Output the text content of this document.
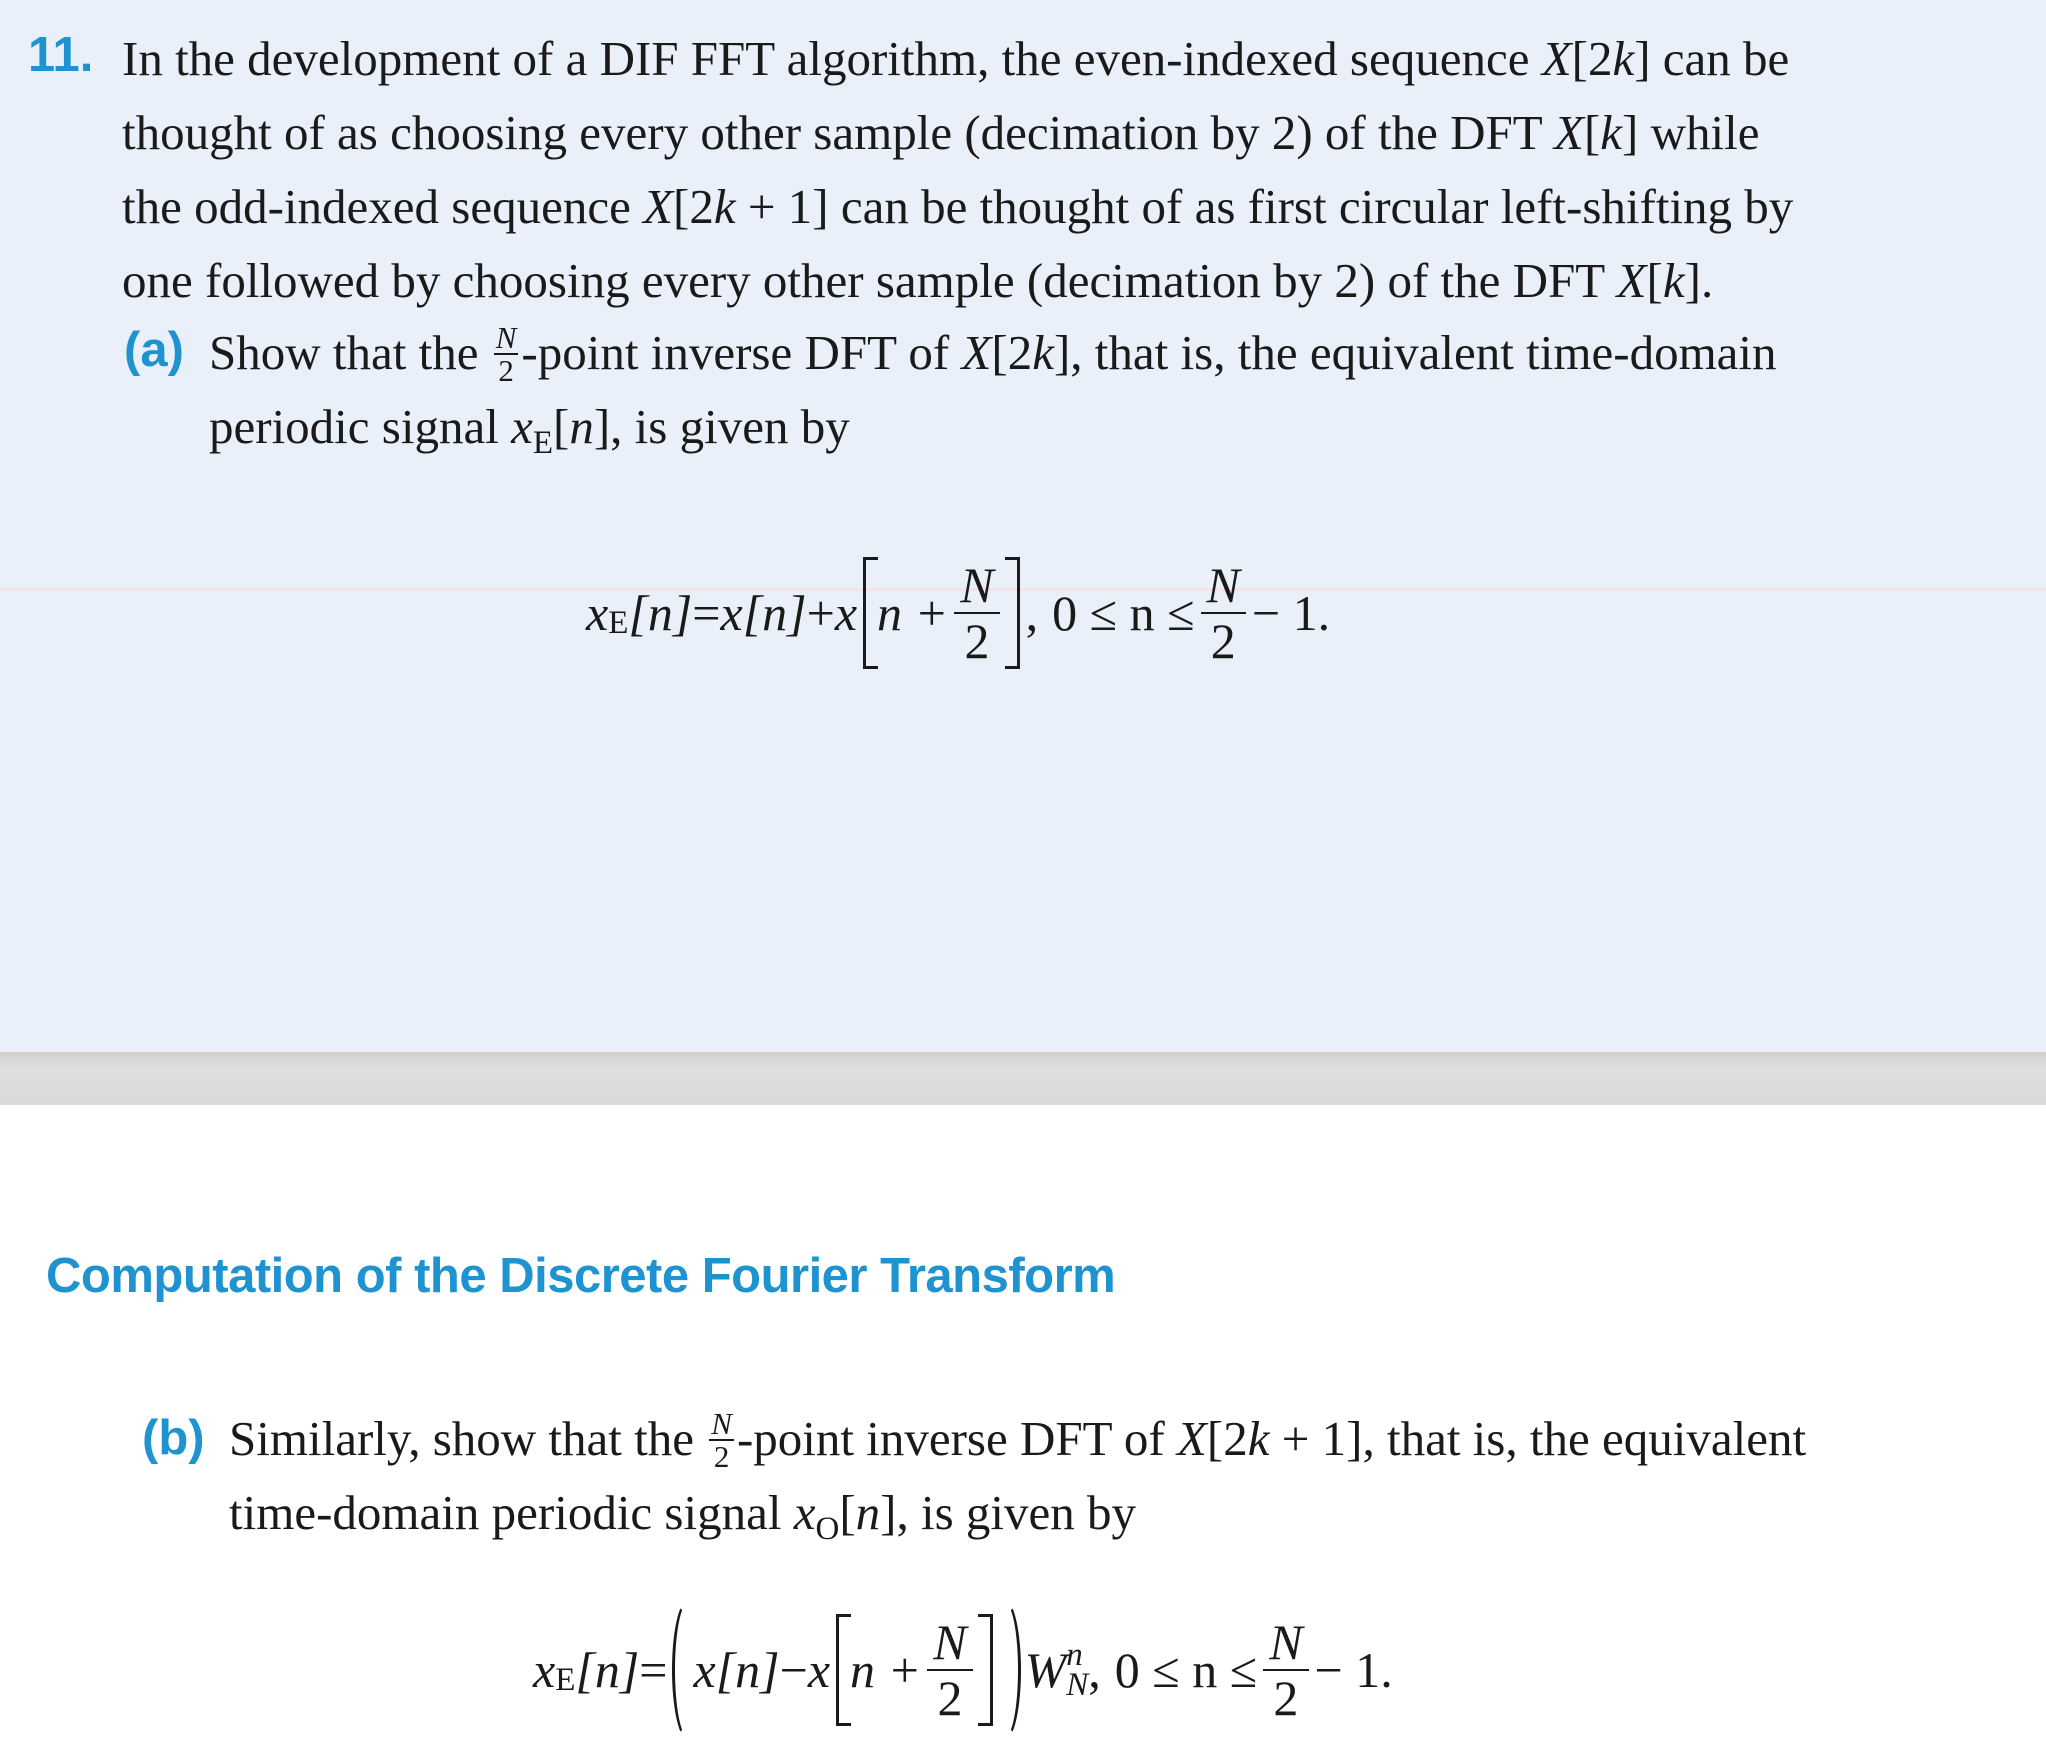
11. In the development of a DIF FFT algorithm, the even-indexed sequence X[2k] can be
thought of as choosing every other sample (decimation by 2) of the DFT X[k] while
the odd-indexed sequence X[2k + 1] can be thought of as first circular left-shifting by
one followed by choosing every other sample (decimation by 2) of the DFT X[k].
(a) Show that the $\frac{N}{2}$ -point inverse DFT of X[2k], that is, the equivalent time-domain
periodic signal $x_E[n]$, is given by
x E [n] = x[n] + x $n + \frac{N}{2}$ , $0 \le n \le \frac{N}{2} - 1$.
Computation of the Discrete Fourier Transform
(b) Similarly, show that the $\frac{N}{2}$ -point inverse DFT of X[2k + 1], that is, the equivalent
time-domain periodic signal $x_O[n]$, is given by
x E [n] = x[n] − x $n + \frac{N}{2}$ W n
N , $0 \le n \le \frac{N}{2} - 1$.
